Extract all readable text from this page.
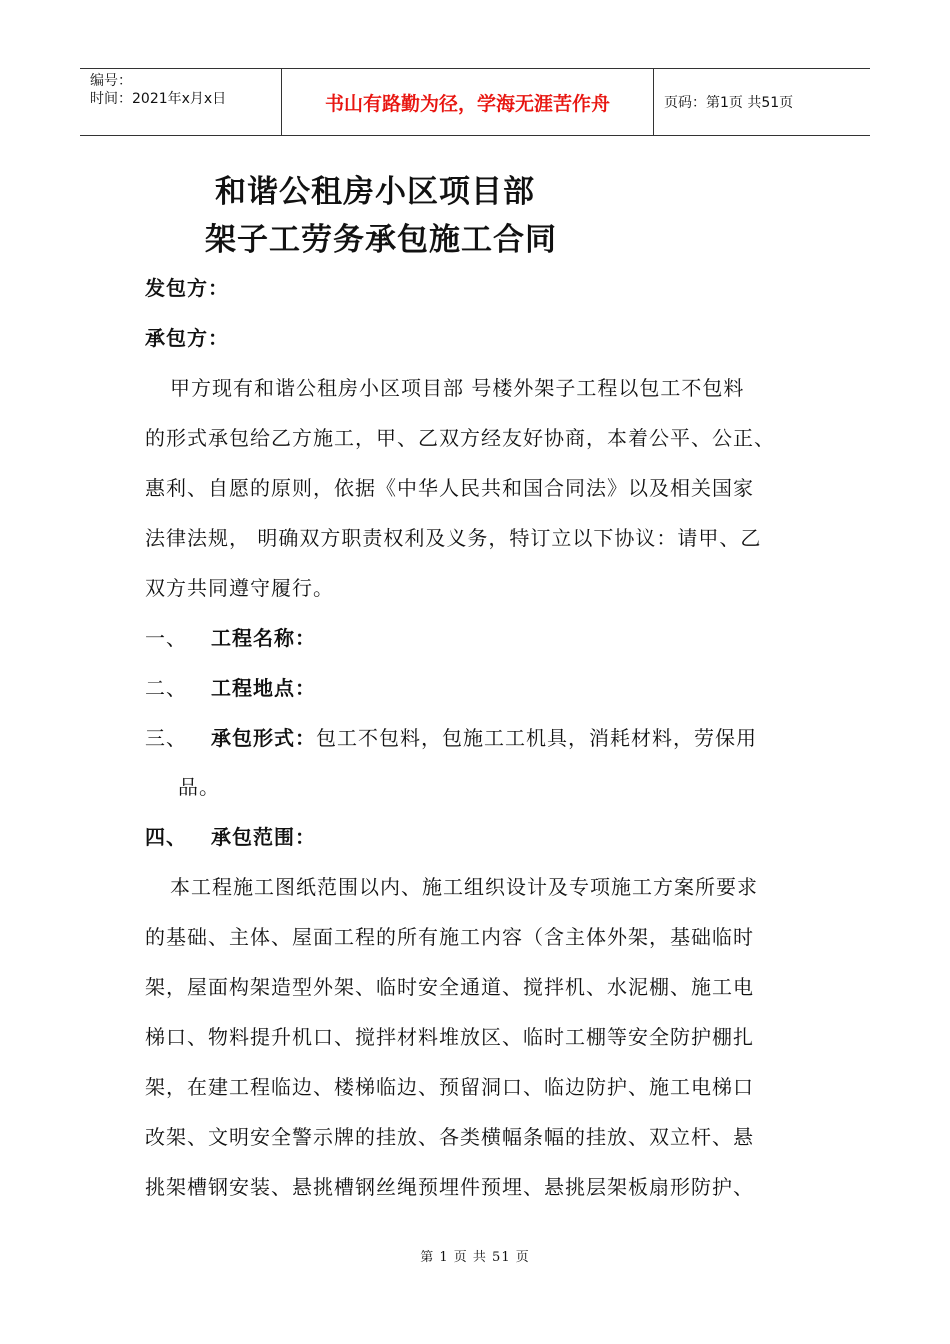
编号：
时间：2021年x月x日	书山有路勤为径，学海无涯苦作舟	页码：第1页 共51页
和谐公租房小区项目部
架子工劳务承包施工合同
发包方：
承包方：
甲方现有和谐公租房小区项目部 号楼外架子工程以包工不包料
的形式承包给乙方施工，甲、乙双方经友好协商，本着公平、公正、
惠利、自愿的原则，依据《中华人民共和国合同法》以及相关国家
法律法规， 明确双方职责权利及义务，特订立以下协议：请甲、乙
双方共同遵守履行。
一、 工程名称：
二、 工程地点：
三、 承包形式：包工不包料，包施工工机具，消耗材料，劳保用
品。
四、 承包范围：
本工程施工图纸范围以内、施工组织设计及专项施工方案所要求
的基础、主体、屋面工程的所有施工内容（含主体外架，基础临时
架，屋面构架造型外架、临时安全通道、搅拌机、水泥棚、施工电
梯口、物料提升机口、搅拌材料堆放区、临时工棚等安全防护棚扎
架，在建工程临边、楼梯临边、预留洞口、临边防护、施工电梯口
改架、文明安全警示牌的挂放、各类横幅条幅的挂放、双立杆、悬
挑架槽钢安装、悬挑槽钢丝绳预埋件预埋、悬挑层架板扇形防护、
第 1 页 共 51 页
